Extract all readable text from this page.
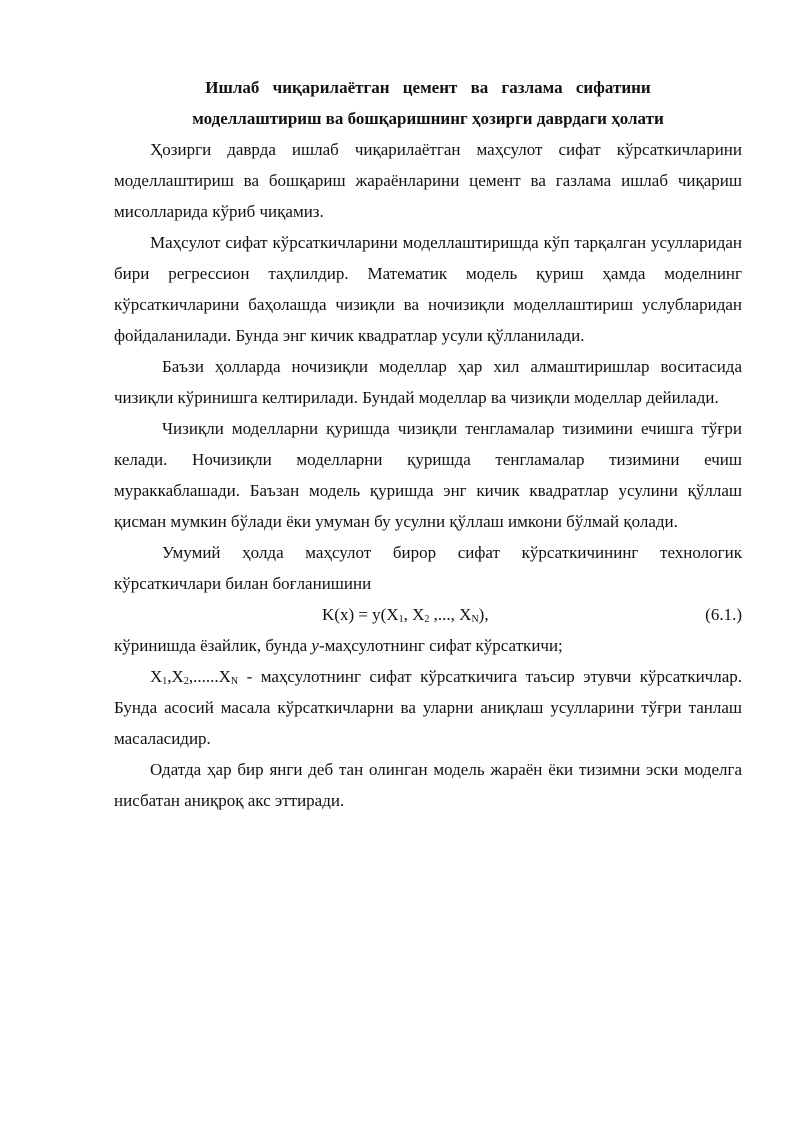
Ишлаб чиқарилаётган цемент ва газлама сифатини
моделлаштириш ва бошқаришнинг ҳозирги даврдаги ҳолати

Ҳозирги даврда ишлаб чиқарилаётган маҳсулот сифат кўрсаткичларини моделлаштириш ва бошқариш жараёнларини цемент ва газлама ишлаб чиқариш мисолларида кўриб чиқамиз.

Маҳсулот сифат кўрсаткичларини моделлаштиришда кўп тарқалган усулларидан бири регрессион таҳлилдир. Математик модель қуриш ҳамда моделнинг кўрсаткичларини баҳолашда чизиқли ва ночизиқли моделлаштириш услубларидан фойдаланилади. Бунда энг кичик квадратлар усули қўлланилади.

Баъзи ҳолларда ночизиқли моделлар ҳар хил алмаштиришлар воситасида чизиқли кўринишга келтирилади. Бундай моделлар ва чизиқли моделлар дейилади.

Чизиқли моделларни қуришда чизиқли тенгламалар тизимини ечишга тўғри келади. Ночизиқли моделларни қуришда тенгламалар тизимини ечиш мураккаблашади. Баъзан модель қуришда энг кичик квадратлар усулини қўллаш қисман мумкин бўлади ёки умуман бу усулни қўллаш имкони бўлмай қолади.

Умумий ҳолда маҳсулот бирор сифат кўрсаткичининг технологик кўрсаткичлари билан боғланишини

$K(x) = y(X_1$, $X_2$ ,..., $X_N$),	(6.1.)

кўринишда ёзайлик, бунда y-маҳсулотнинг сифат кўрсаткичи;

$X_1,X_2,......X_N$ - маҳсулотнинг сифат кўрсаткичига таъсир этувчи кўрсаткичлар. Бунда асосий масала кўрсаткичларни ва уларни аниқлаш усулларини тўғри танлаш масаласидир.

Одатда ҳар бир янги деб тан олинган модель жараён ёки тизимни эски моделга нисбатан аниқроқ акс эттиради.
